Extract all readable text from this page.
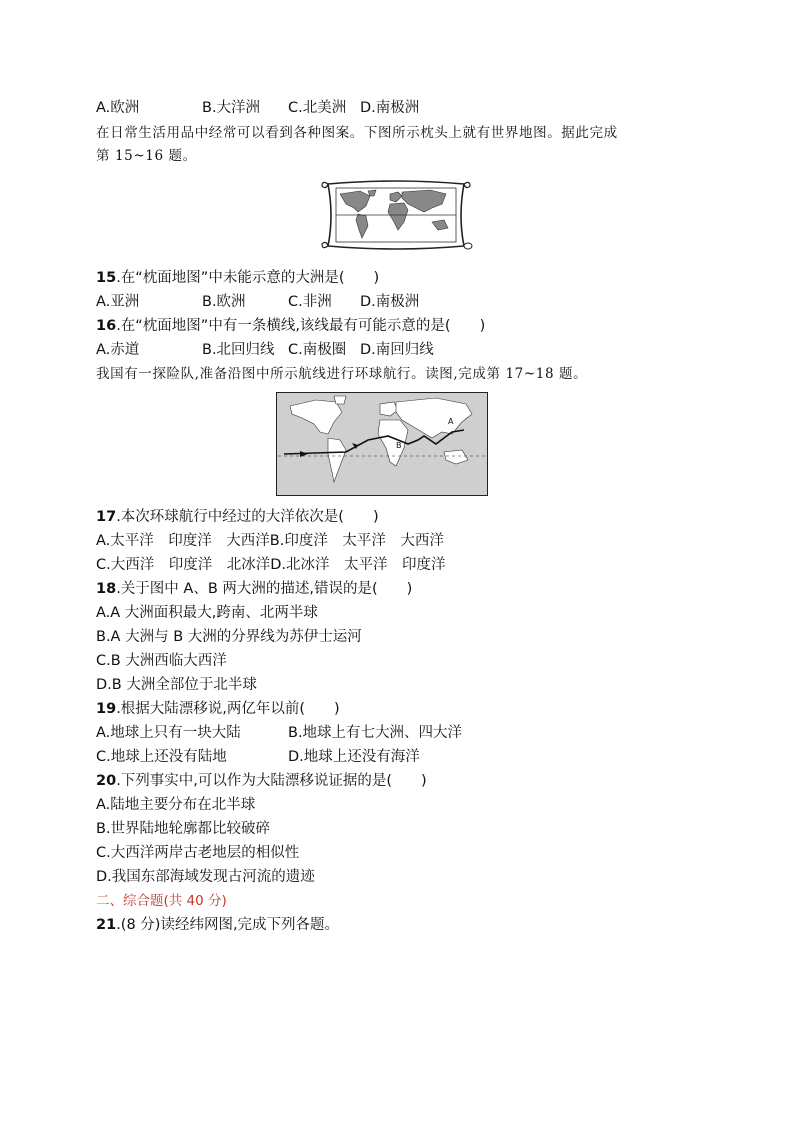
A.欧洲	B.大洋洲 C.北美洲 D.南极洲
在日常生活用品中经常可以看到各种图案。下图所示枕头上就有世界地图。据此完成
第 15~16 题。
15.在“枕面地图”中未能示意的大洲是(　　)
A.亚洲	B.欧洲	C.非洲 D.南极洲
16.在“枕面地图”中有一条横线,该线最有可能示意的是(　　)
A.赤道	B.北回归线 C.南极圈 D.南回归线
我国有一探险队,准备沿图中所示航线进行环球航行。读图,完成第 17~18 题。
A
B
17.本次环球航行中经过的大洋依次是(　　)
A.太平洋　印度洋　大西洋B.印度洋　太平洋　大西洋
C.大西洋　印度洋　北冰洋D.北冰洋　太平洋　印度洋
18.关于图中 A、B 两大洲的描述,错误的是(　　)
A.A 大洲面积最大,跨南、北两半球
B.A 大洲与 B 大洲的分界线为苏伊士运河
C.B 大洲西临大西洋
D.B 大洲全部位于北半球
19.根据大陆漂移说,两亿年以前(　　)
A.地球上只有一块大陆	B.地球上有七大洲、四大洋
C.地球上还没有陆地	D.地球上还没有海洋
20.下列事实中,可以作为大陆漂移说证据的是(　　)
A.陆地主要分布在北半球
B.世界陆地轮廓都比较破碎
C.大西洋两岸古老地层的相似性
D.我国东部海域发现古河流的遗迹
二、综合题(共 40 分)
21.(8 分)读经纬网图,完成下列各题。
